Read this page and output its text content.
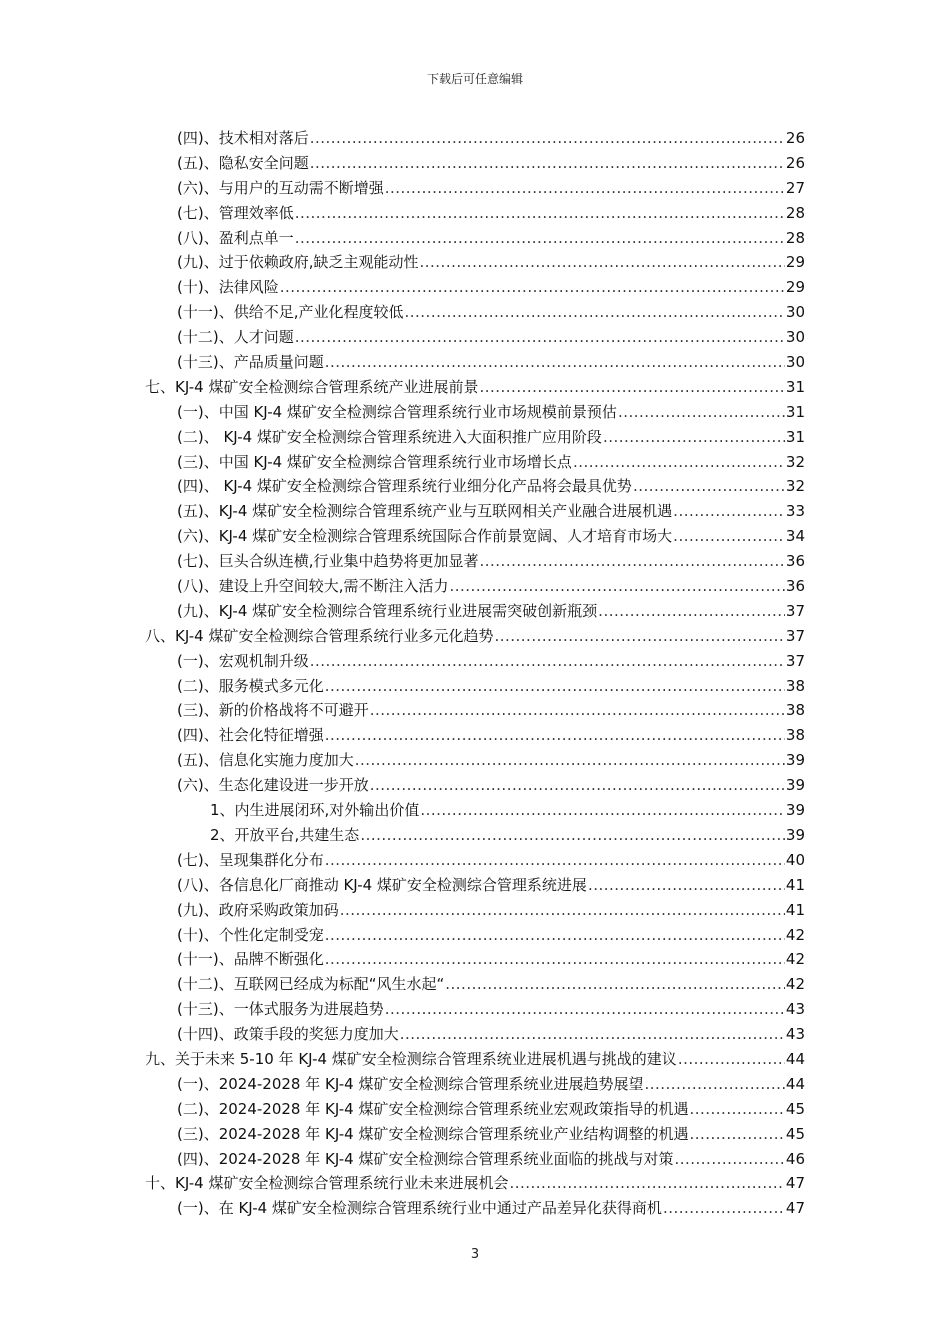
下载后可任意编辑
(四)、技术相对落后 .....	26
(五)、隐私安全问题 .....	26
(六)、与用户的互动需不断增强 .....	27
(七)、管理效率低 .....	28
(八)、盈利点单一 .....	28
(九)、过于依赖政府,缺乏主观能动性 .....	29
(十)、法律风险 .....	29
(十一)、供给不足,产业化程度较低 .....	30
(十二)、人才问题 .....	30
(十三)、产品质量问题 .....	30
七、KJ-4 煤矿安全检测综合管理系统产业进展前景 .....	31
(一)、中国 KJ-4 煤矿安全检测综合管理系统行业市场规模前景预估 .....	31
(二)、 KJ-4 煤矿安全检测综合管理系统进入大面积推广应用阶段 .....	31
(三)、中国 KJ-4 煤矿安全检测综合管理系统行业市场增长点 .....	32
(四)、 KJ-4 煤矿安全检测综合管理系统行业细分化产品将会最具优势 .....	32
(五)、KJ-4 煤矿安全检测综合管理系统产业与互联网相关产业融合进展机遇 .....	33
(六)、KJ-4 煤矿安全检测综合管理系统国际合作前景宽阔、人才培育市场大 .....	34
(七)、巨头合纵连横,行业集中趋势将更加显著 .....	36
(八)、建设上升空间较大,需不断注入活力 .....	36
(九)、KJ-4 煤矿安全检测综合管理系统行业进展需突破创新瓶颈 .....	37
八、KJ-4 煤矿安全检测综合管理系统行业多元化趋势 .....	37
(一)、宏观机制升级 .....	37
(二)、服务模式多元化 .....	38
(三)、新的价格战将不可避开 .....	38
(四)、社会化特征增强 .....	38
(五)、信息化实施力度加大 .....	39
(六)、生态化建设进一步开放 .....	39
1、内生进展闭环,对外输出价值 .....	39
2、开放平台,共建生态 .....	39
(七)、呈现集群化分布 .....	40
(八)、各信息化厂商推动 KJ-4 煤矿安全检测综合管理系统进展 .....	41
(九)、政府采购政策加码 .....	41
(十)、个性化定制受宠 .....	42
(十一)、品牌不断强化 .....	42
(十二)、互联网已经成为标配“风生水起“ .....	42
(十三)、一体式服务为进展趋势 .....	43
(十四)、政策手段的奖惩力度加大 .....	43
九、关于未来 5-10 年 KJ-4 煤矿安全检测综合管理系统业进展机遇与挑战的建议 .....	44
(一)、2024-2028 年 KJ-4 煤矿安全检测综合管理系统业进展趋势展望 .....	44
(二)、2024-2028 年 KJ-4 煤矿安全检测综合管理系统业宏观政策指导的机遇 .....	45
(三)、2024-2028 年 KJ-4 煤矿安全检测综合管理系统业产业结构调整的机遇 .....	45
(四)、2024-2028 年 KJ-4 煤矿安全检测综合管理系统业面临的挑战与对策 .....	46
十、KJ-4 煤矿安全检测综合管理系统行业未来进展机会 .....	47
(一)、在 KJ-4 煤矿安全检测综合管理系统行业中通过产品差异化获得商机 .....	47
3
